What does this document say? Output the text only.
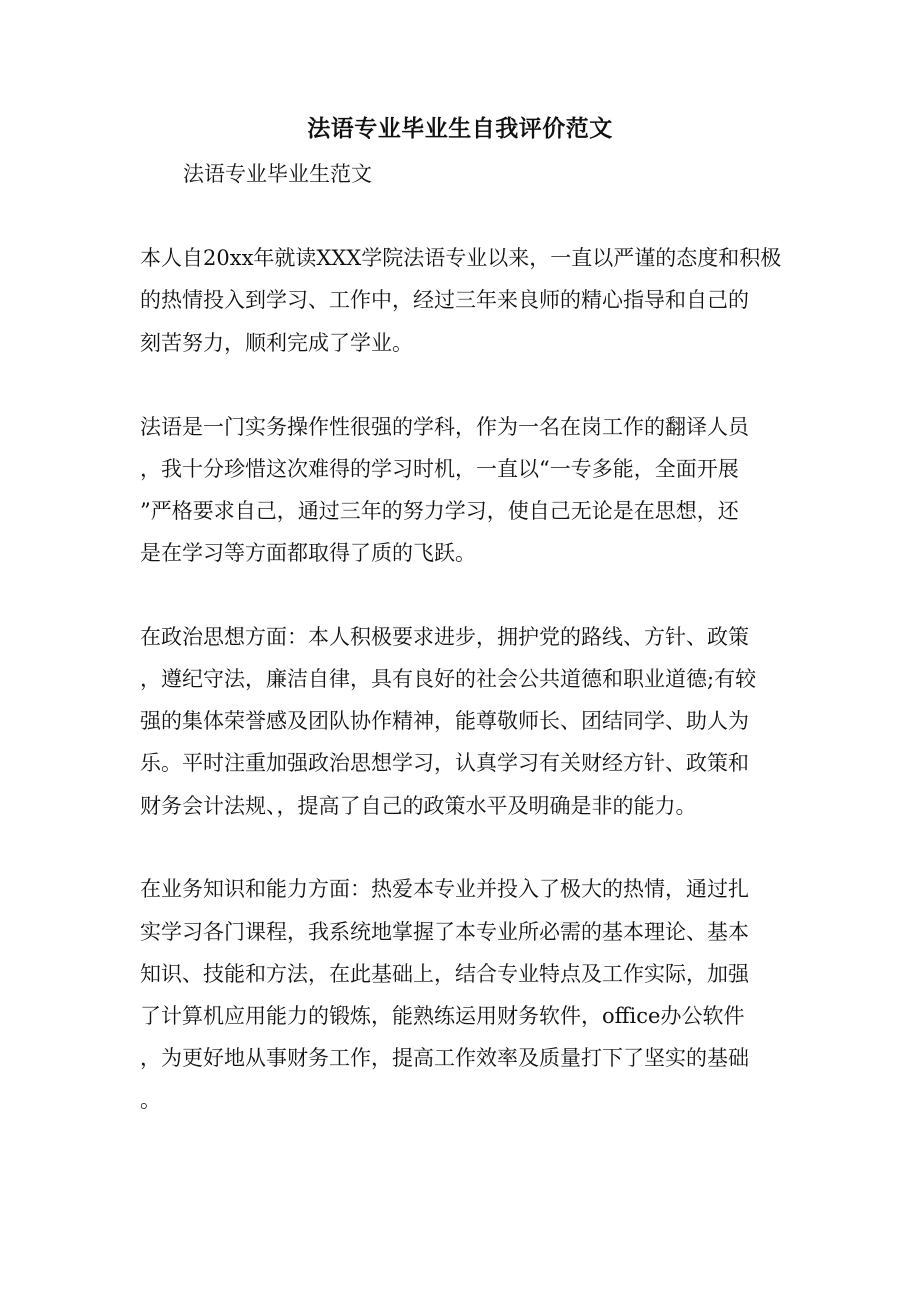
法语专业毕业生自我评价范文
法语专业毕业生范文
本人自20xx年就读XXX学院法语专业以来，一直以严谨的态度和积极
的热情投入到学习、工作中，经过三年来良师的精心指导和自己的
刻苦努力，顺利完成了学业。
法语是一门实务操作性很强的学科，作为一名在岗工作的翻译人员
，我十分珍惜这次难得的学习时机，一直以“一专多能，全面开展
”严格要求自己，通过三年的努力学习，使自己无论是在思想，还
是在学习等方面都取得了质的飞跃。
在政治思想方面：本人积极要求进步，拥护党的路线、方针、政策
，遵纪守法，廉洁自律，具有良好的社会公共道德和职业道德;有较
强的集体荣誉感及团队协作精神，能尊敬师长、团结同学、助人为
乐。平时注重加强政治思想学习，认真学习有关财经方针、政策和
财务会计法规、，提高了自己的政策水平及明确是非的能力。
在业务知识和能力方面：热爱本专业并投入了极大的热情，通过扎
实学习各门课程，我系统地掌握了本专业所必需的基本理论、基本
知识、技能和方法，在此基础上，结合专业特点及工作实际，加强
了计算机应用能力的锻炼，能熟练运用财务软件，office办公软件
，为更好地从事财务工作，提高工作效率及质量打下了坚实的基础
。
